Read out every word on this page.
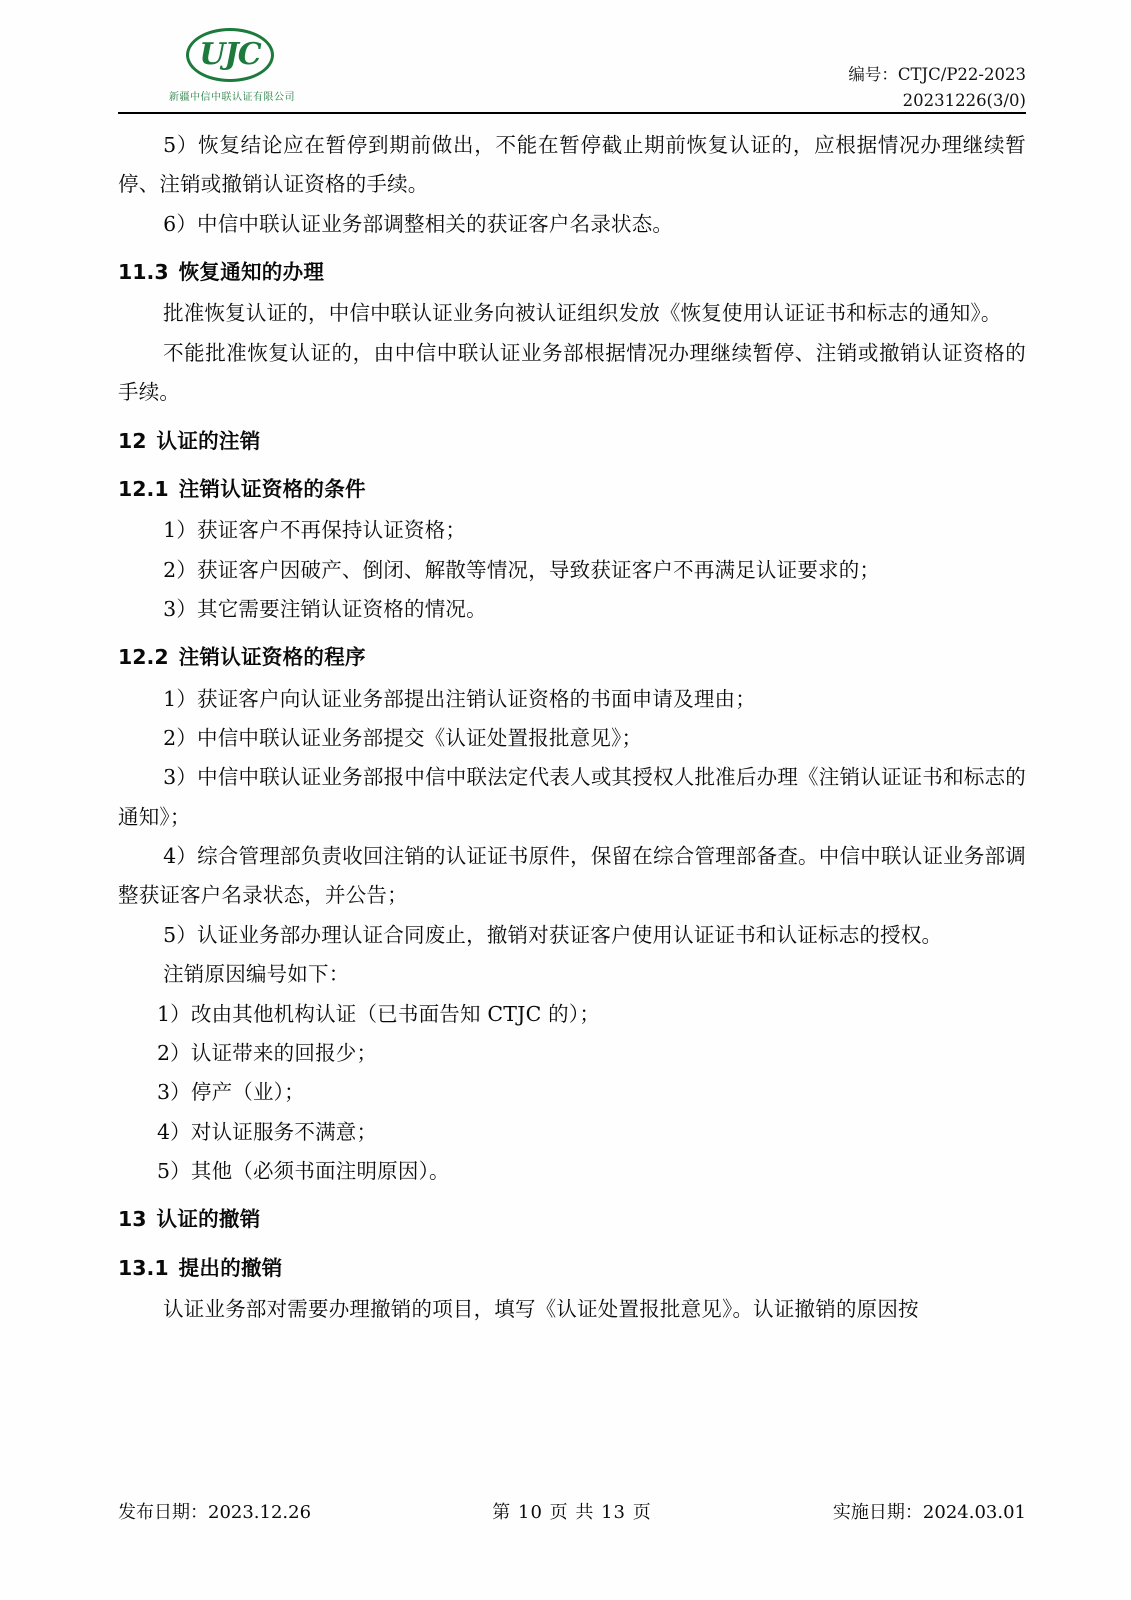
UJC
新疆中信中联认证有限公司
编号：CTJC/P22-2023
20231226(3/0)

5）恢复结论应在暂停到期前做出，不能在暂停截止期前恢复认证的，应根据情况办理继续暂停、注销或撤销认证资格的手续。

6）中信中联认证业务部调整相关的获证客户名录状态。

11.3 恢复通知的办理

批准恢复认证的，中信中联认证业务向被认证组织发放《恢复使用认证证书和标志的通知》。

不能批准恢复认证的，由中信中联认证业务部根据情况办理继续暂停、注销或撤销认证资格的手续。

12 认证的注销
12.1 注销认证资格的条件

1）获证客户不再保持认证资格；

2）获证客户因破产、倒闭、解散等情况，导致获证客户不再满足认证要求的；

3）其它需要注销认证资格的情况。

12.2 注销认证资格的程序

1）获证客户向认证业务部提出注销认证资格的书面申请及理由；

2）中信中联认证业务部提交《认证处置报批意见》；

3）中信中联认证业务部报中信中联法定代表人或其授权人批准后办理《注销认证证书和标志的通知》；

4）综合管理部负责收回注销的认证证书原件，保留在综合管理部备查。中信中联认证业务部调整获证客户名录状态，并公告；

5）认证业务部办理认证合同废止，撤销对获证客户使用认证证书和认证标志的授权。

注销原因编号如下：

1）改由其他机构认证（已书面告知 CTJC 的）；

2）认证带来的回报少；

3）停产（业）；

4）对认证服务不满意；

5）其他（必须书面注明原因）。

13 认证的撤销
13.1 提出的撤销

认证业务部对需要办理撤销的项目，填写《认证处置报批意见》。认证撤销的原因按

发布日期：2023.12.26	第 10 页 共 13 页	实施日期：2024.03.01
